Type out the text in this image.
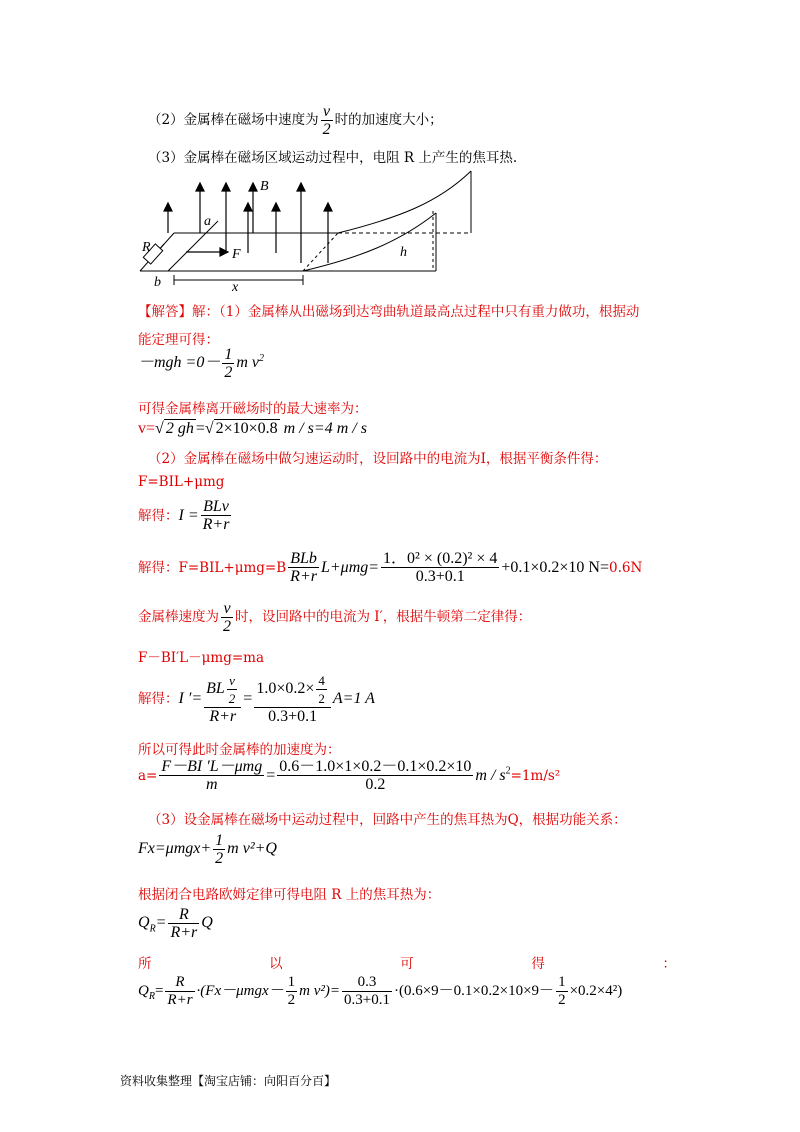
（2）金属棒在磁场中速度为 $\frac{v}{2}$ 时的加速度大小；
（3）金属棒在磁场区域运动过程中，电阻 R 上产生的焦耳热.
B
a
R	F	h
b	x
【解答】解：（1）金属棒从出磁场到达弯曲轨道最高点过程中只有重力做功，根据动
能定理可得：
$-mgh =0- \frac{1}{2}$ m $v^2$
可得金属棒离开磁场时的最大速率为：
v=√ 2 gh =√ 2×10×0.8 m / s=4 m / s
（2）金属棒在磁场中做匀速运动时，设回路中的电流为I，根据平衡条件得：
F=BIL+μmg
解得：$I = \frac{\text{BLv}}{R+r}$
解得：$F=BIL+\mu mg=B \frac{\text{BLb}}{R+r} L+\mu mg= \frac{\text{1．0² × (0.2)² × 4}}{0.3+0.1} +0.1\times 0.2\times 10$ N=0.6N
金属棒速度为 $\frac{v}{2}$ 时，设回路中的电流为 I′，根据牛顿第二定律得：
F－BI′L－μmg=ma
解得：I ′= $\frac{BL \frac{v}{2}}{R+r} = \frac{1.0\times 0.2\times \frac{4}{2}}{0.3+0.1} A=1$ A
所以可得此时金属棒的加速度为：
$a= \frac{\text{F－BI ′L－μmg}}{m} = \frac{0.6-1.0\times 1\times 0.2-0.1\times 0.2\times 10}{0.2}$ $m / s^2=1m/s^2$
（3）设金属棒在磁场中运动过程中，回路中产生的焦耳热为Q，根据功能关系：
$Fx=\mu mgx+ \frac{1}{2}$ m v²+Q
根据闭合电路欧姆定律可得电阻 R 上的焦耳热为：
$Q_R= \frac{R}{R+r}$ Q
所	以	可	得	：
$Q_R= \frac{R}{R+r} \cdot(Fx-\mu mgx- \frac{1}{2}$ m $v^2)= \frac{0.3}{0.3+0.1} \cdot(0.6\times 9-0.1\times 0.2\times 10\times 9- \frac{1}{2} \times 0.2\times 4^2)$
资料收集整理【淘宝店铺：向阳百分百】
